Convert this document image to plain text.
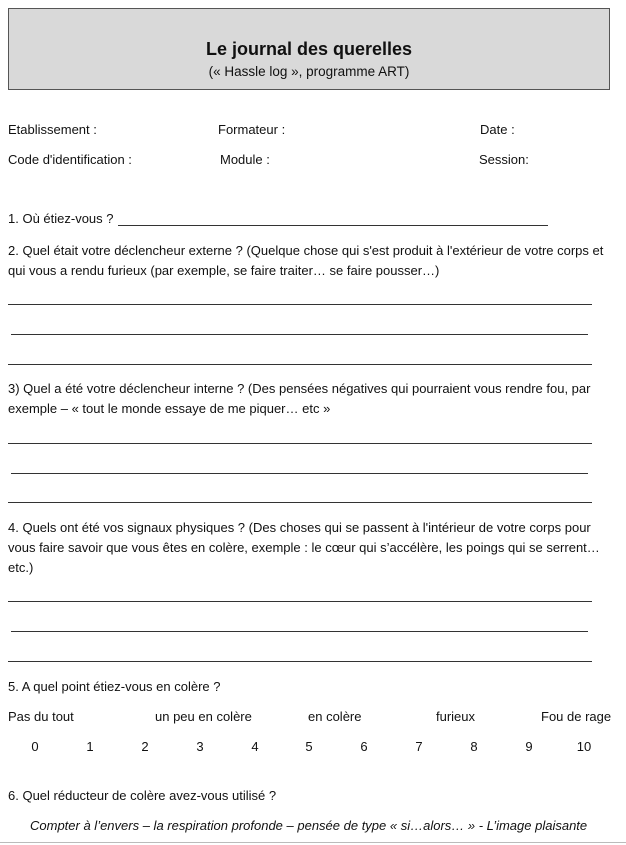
Le journal des querelles
(« Hassle log », programme ART)
Etablissement :	Formateur :	Date :
Code d'identification :	Module :	Session:
1. Où étiez-vous ?
2. Quel était votre déclencheur externe ? (Quelque chose qui s'est produit à l'extérieur de votre corps et qui vous a rendu furieux (par exemple, se faire traiter… se faire pousser…)
3) Quel a été votre déclencheur interne ? (Des pensées négatives qui pourraient vous rendre fou, par exemple – « tout le monde essaye de me piquer… etc »
4. Quels ont été vos signaux physiques ? (Des choses qui se passent à l'intérieur de votre corps pour vous faire savoir que vous êtes en colère, exemple : le cœur qui s’accélère, les poings qui se serrent… etc.)
5. A quel point étiez-vous en colère ?
Pas du tout	un peu en colère	en colère	furieux	Fou de rage
0	1	2	3	4	5	6	7	8	9	10
6. Quel réducteur de colère avez-vous utilisé ?
Compter à l’envers – la respiration profonde – pensée de type « si…alors… » - L’image plaisante
